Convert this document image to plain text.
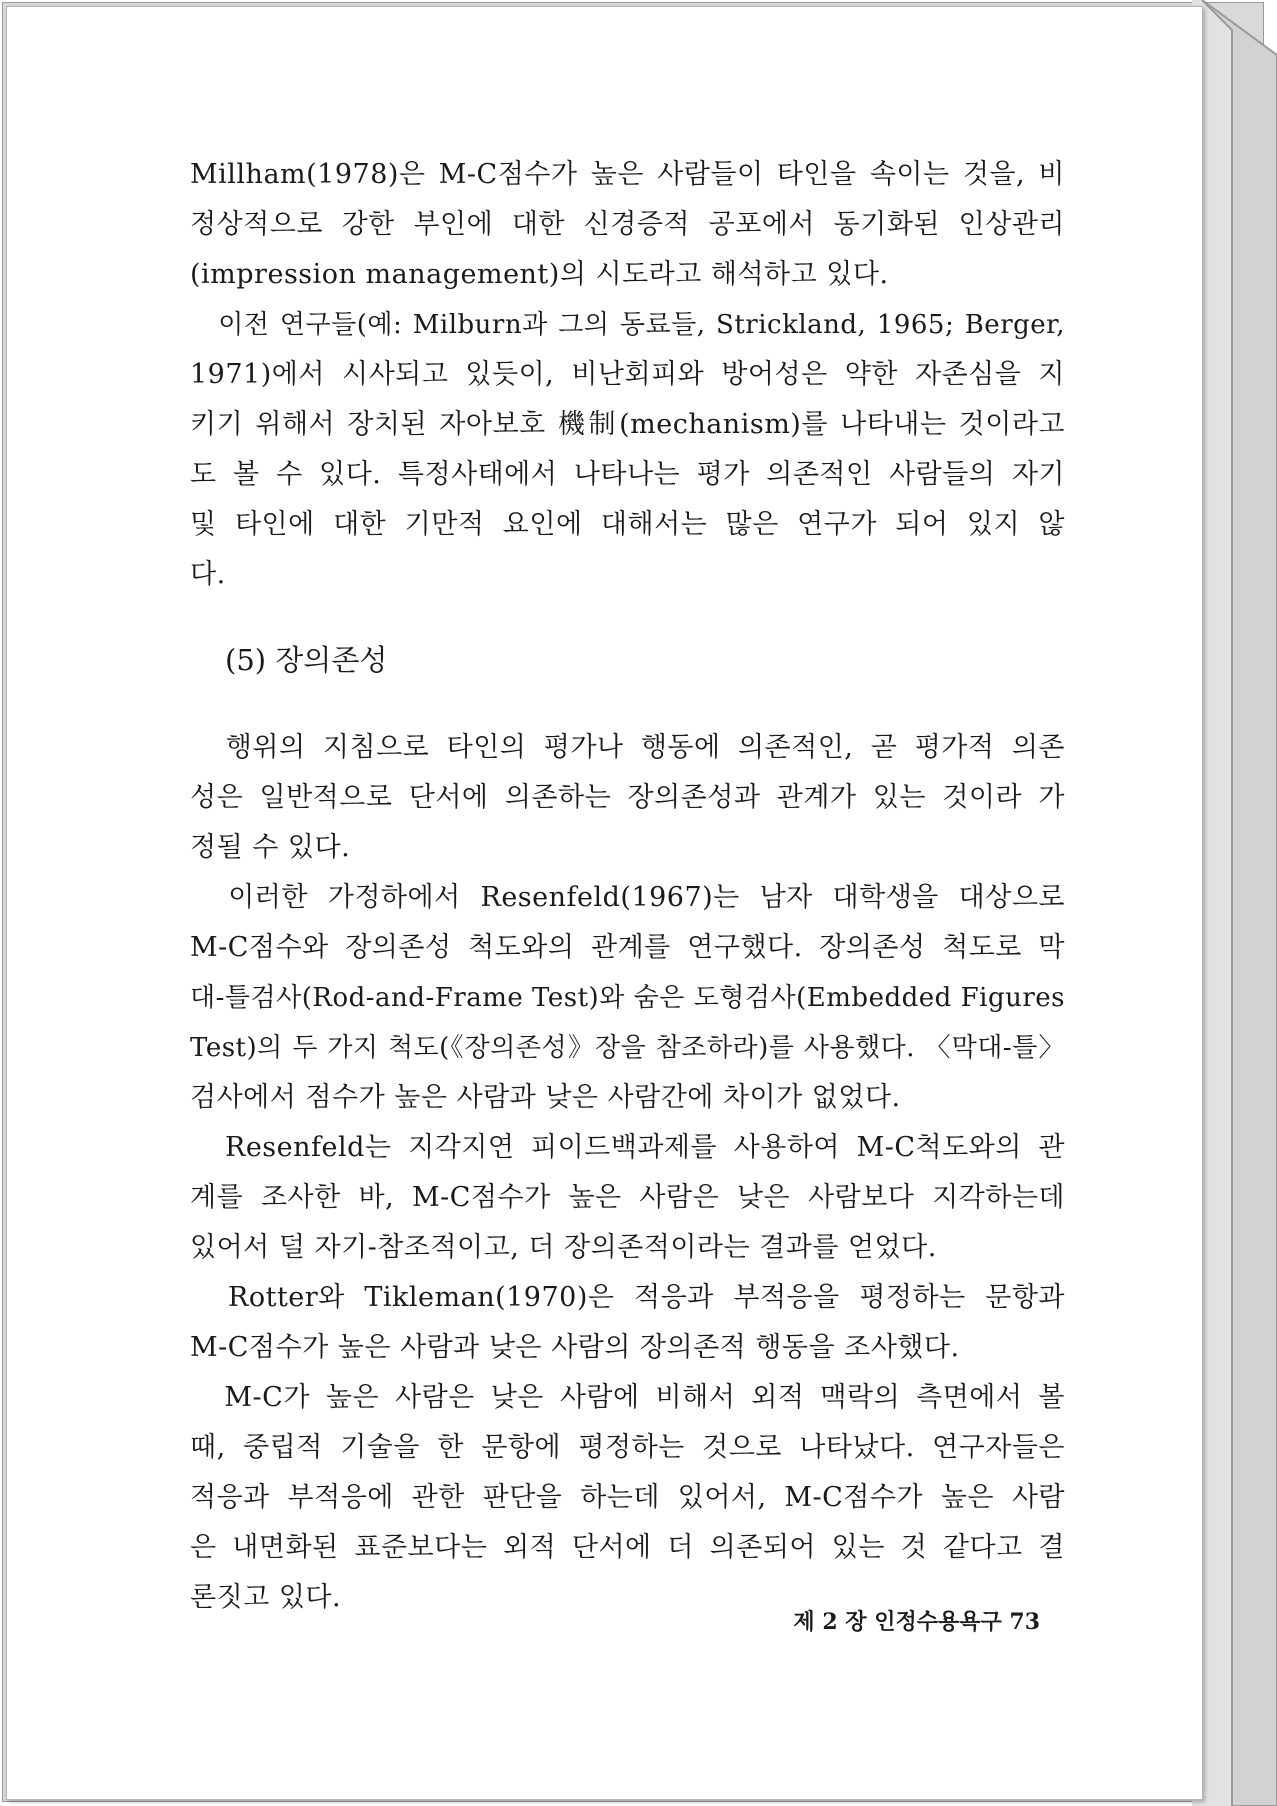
Millham(1978)은 M-C점수가 높은 사람들이 타인을 속이는 것을, 비
정상적으로 강한 부인에 대한 신경증적 공포에서 동기화된 인상관리
(impression management)의 시도라고 해석하고 있다.
　이전 연구들(예: Milburn과 그의 동료들, Strickland, 1965; Berger,
1971)에서 시사되고 있듯이, 비난회피와 방어성은 약한 자존심을 지
키기 위해서 장치된 자아보호 機制(mechanism)를 나타내는 것이라고
도 볼 수 있다. 특정사태에서 나타나는 평가 의존적인 사람들의 자기
및 타인에 대한 기만적 요인에 대해서는 많은 연구가 되어 있지 않
다.
(5) 장의존성
　행위의 지침으로 타인의 평가나 행동에 의존적인, 곧 평가적 의존
성은 일반적으로 단서에 의존하는 장의존성과 관계가 있는 것이라 가
정될 수 있다.
　이러한 가정하에서 Resenfeld(1967)는 남자 대학생을 대상으로
M-C점수와 장의존성 척도와의 관계를 연구했다. 장의존성 척도로 막
대-틀검사(Rod-and-Frame Test)와 숨은 도형검사(Embedded Figures
Test)의 두 가지 척도(《장의존성》장을 참조하라)를 사용했다. 〈막대-틀〉
검사에서 점수가 높은 사람과 낮은 사람간에 차이가 없었다.
　Resenfeld는 지각지연 피이드백과제를 사용하여 M-C척도와의 관
계를 조사한 바, M-C점수가 높은 사람은 낮은 사람보다 지각하는데
있어서 덜 자기-참조적이고, 더 장의존적이라는 결과를 얻었다.
　Rotter와 Tikleman(1970)은 적응과 부적응을 평정하는 문항과
M-C점수가 높은 사람과 낮은 사람의 장의존적 행동을 조사했다.
　M-C가 높은 사람은 낮은 사람에 비해서 외적 맥락의 측면에서 볼
때, 중립적 기술을 한 문항에 평정하는 것으로 나타났다. 연구자들은
적응과 부적응에 관한 판단을 하는데 있어서, M-C점수가 높은 사람
은 내면화된 표준보다는 외적 단서에 더 의존되어 있는 것 같다고 결
론짓고 있다.
제 2 장 인정수용욕구 73
